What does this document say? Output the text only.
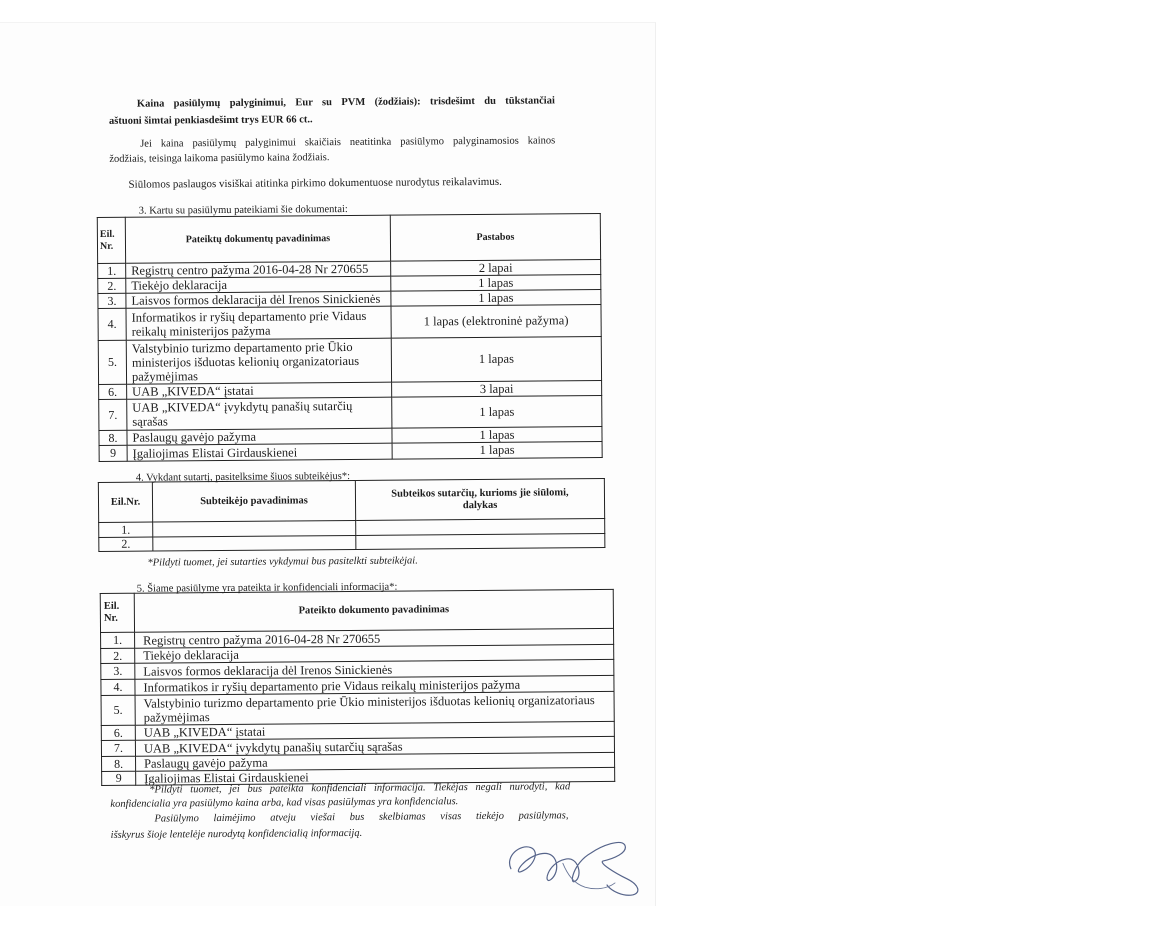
Kaina pasiūlymų palyginimui, Eur su PVM (žodžiais): trisdešimt du tūkstančiai
aštuoni šimtai penkiasdešimt trys EUR 66 ct..
Jei kaina pasiūlymų palyginimui skaičiais neatitinka pasiūlymo palyginamosios kainos
žodžiais, teisinga laikoma pasiūlymo kaina žodžiais.
Siūlomos paslaugos visiškai atitinka pirkimo dokumentuose nurodytus reikalavimus.
3. Kartu su pasiūlymu pateikiami šie dokumentai:
Eil. Nr.	Pateiktų dokumentų pavadinimas	Pastabos
1.	Registrų centro pažyma 2016-04-28 Nr 270655	2 lapai
2.	Tiekėjo deklaracija	1 lapas
3.	Laisvos formos deklaracija dėl Irenos Sinickienės	1 lapas
4.	Informatikos ir ryšių departamento prie Vidaus
reikalų ministerijos pažyma	1 lapas (elektroninė pažyma)
5.	Valstybinio turizmo departamento prie Ūkio
ministerijos išduotas kelionių organizatoriaus
pažymėjimas	1 lapas
6.	UAB „KIVEDA“ įstatai	3 lapai
7.	UAB „KIVEDA“ įvykdytų panašių sutarčių
sąrašas	1 lapas
8.	Paslaugų gavėjo pažyma	1 lapas
9	Įgaliojimas Elistai Girdauskienei	1 lapas
4. Vykdant sutartį, pasitelksime šiuos subteikėjus*:
Eil.Nr.	Subteikėjo pavadinimas	Subteikos sutarčių, kurioms jie siūlomi,
dalykas

1.		
2.		
*Pildyti tuomet, jei sutarties vykdymui bus pasitelkti subteikėjai.
5. Šiame pasiūlyme yra pateikta ir konfidenciali informacija*:
Eil. Nr.	Pateikto dokumento pavadinimas
1.	Registrų centro pažyma 2016-04-28 Nr 270655

2.	Tiekėjo deklaracija

3.	Laisvos formos deklaracija dėl Irenos Sinickienės

4.	Informatikos ir ryšių departamento prie Vidaus reikalų ministerijos pažyma

5.	Valstybinio turizmo departamento prie Ūkio ministerijos išduotas kelionių organizatoriaus
pažymėjimas

6.	UAB „KIVEDA“ įstatai

7.	UAB „KIVEDA“ įvykdytų panašių sutarčių sąrašas

8.	Paslaugų gavėjo pažyma

9	Įgaliojimas Elistai Girdauskienei
*Pildyti tuomet, jei bus pateikta konfidenciali informacija. Tiekėjas negali nurodyti, kad
konfidencialia yra pasiūlymo kaina arba, kad visas pasiūlymas yra konfidencialus.
Pasiūlymo laimėjimo atveju viešai bus skelbiamas visas tiekėjo pasiūlymas,
išskyrus šioje lentelėje nurodytą konfidencialią informaciją.
